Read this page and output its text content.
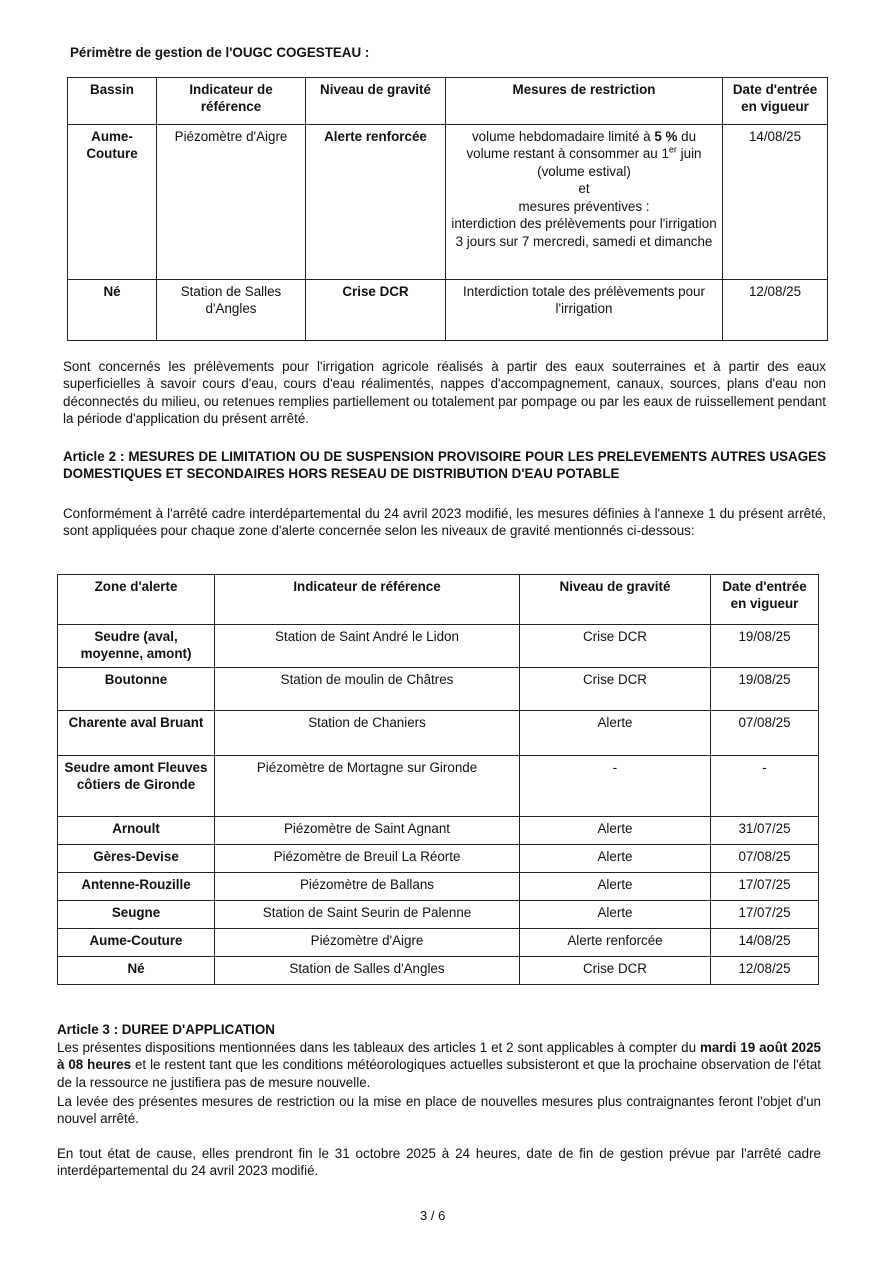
Périmètre de gestion de l'OUGC COGESTEAU :
Bassin	Indicateur de référence	Niveau de gravité	Mesures de restriction	Date d'entrée en vigueur
Aume-Couture	Piézomètre d'Aigre	Alerte renforcée	volume hebdomadaire limité à 5 % du volume restant à consommer au 1er juin (volume estival)
et
mesures préventives :
interdiction des prélèvements pour l'irrigation 3 jours sur 7 mercredi, samedi et dimanche	14/08/25
Né	Station de Salles d'Angles	Crise DCR	Interdiction totale des prélèvements pour l'irrigation	12/08/25
Sont concernés les prélèvements pour l'irrigation agricole réalisés à partir des eaux souterraines et à partir des eaux superficielles à savoir cours d'eau, cours d'eau réalimentés, nappes d'accompagnement, canaux, sources, plans d'eau non déconnectés du milieu, ou retenues remplies partiellement ou totalement par pompage ou par les eaux de ruissellement pendant la période d'application du présent arrêté.
Article 2 : MESURES DE LIMITATION OU DE SUSPENSION PROVISOIRE POUR LES PRELEVEMENTS AUTRES USAGES DOMESTIQUES ET SECONDAIRES HORS RESEAU DE DISTRIBUTION D'EAU POTABLE
Conformément à l'arrêté cadre interdépartemental du 24 avril 2023 modifié, les mesures définies à l'annexe 1 du présent arrêté, sont appliquées pour chaque zone d'alerte concernée selon les niveaux de gravité mentionnés ci-dessous:
Zone d'alerte	Indicateur de référence	Niveau de gravité	Date d'entrée en vigueur
Seudre (aval, moyenne, amont)	Station de Saint André le Lidon	Crise DCR	19/08/25
Boutonne	Station de moulin de Châtres	Crise DCR	19/08/25
Charente aval Bruant	Station de Chaniers	Alerte	07/08/25
Seudre amont Fleuves côtiers de Gironde	Piézomètre de Mortagne sur Gironde	-	-
Arnoult	Piézomètre de Saint Agnant	Alerte	31/07/25
Gères-Devise	Piézomètre de Breuil La Réorte	Alerte	07/08/25
Antenne-Rouzille	Piézomètre de Ballans	Alerte	17/07/25
Seugne	Station de Saint Seurin de Palenne	Alerte	17/07/25
Aume-Couture	Piézomètre d'Aigre	Alerte renforcée	14/08/25
Né	Station de Salles d'Angles	Crise DCR	12/08/25
Article 3 : DUREE D'APPLICATION
Les présentes dispositions mentionnées dans les tableaux des articles 1 et 2 sont applicables à compter du mardi 19 août 2025 à 08 heures et le restent tant que les conditions météorologiques actuelles subsisteront et que la prochaine observation de l'état de la ressource ne justifiera pas de mesure nouvelle.
La levée des présentes mesures de restriction ou la mise en place de nouvelles mesures plus contraignantes feront l'objet d'un nouvel arrêté.
En tout état de cause, elles prendront fin le 31 octobre 2025 à 24 heures, date de fin de gestion prévue par l'arrêté cadre interdépartemental du 24 avril 2023 modifié.
3 / 6
